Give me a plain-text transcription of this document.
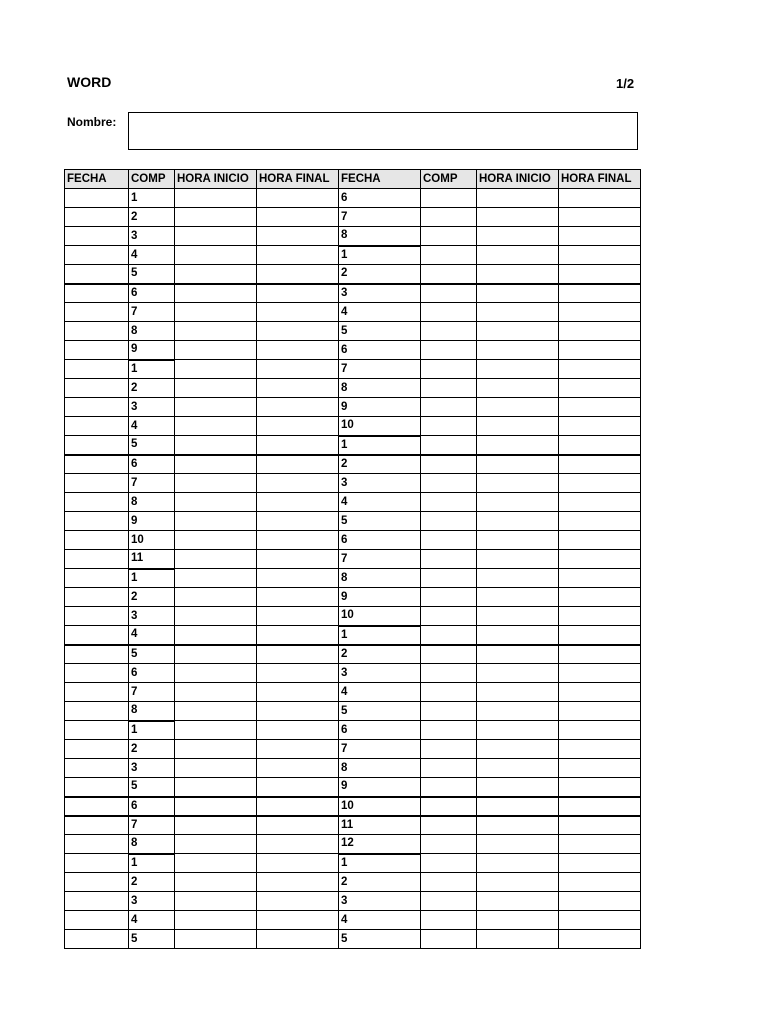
WORD	1/2
Nombre:
FECHA	COMP	HORA INICIO	HORA FINAL	FECHA	COMP	HORA INICIO	HORA FINAL
	1			6			
	2			7			
	3			8			
	4			1			
	5			2			
	6			3			
	7			4			
	8			5			
	9			6			
	1			7			
	2			8			
	3			9			
	4			10			
	5			1			
	6			2			
	7			3			
	8			4			
	9			5			
	10			6			
	11			7			
	1			8			
	2			9			
	3			10			
	4			1			
	5			2			
	6			3			
	7			4			
	8			5			
	1			6			
	2			7			
	3			8			
	5			9			
	6			10			
	7			11			
	8			12			
	1			1			
	2			2			
	3			3			
	4			4			
	5			5			
